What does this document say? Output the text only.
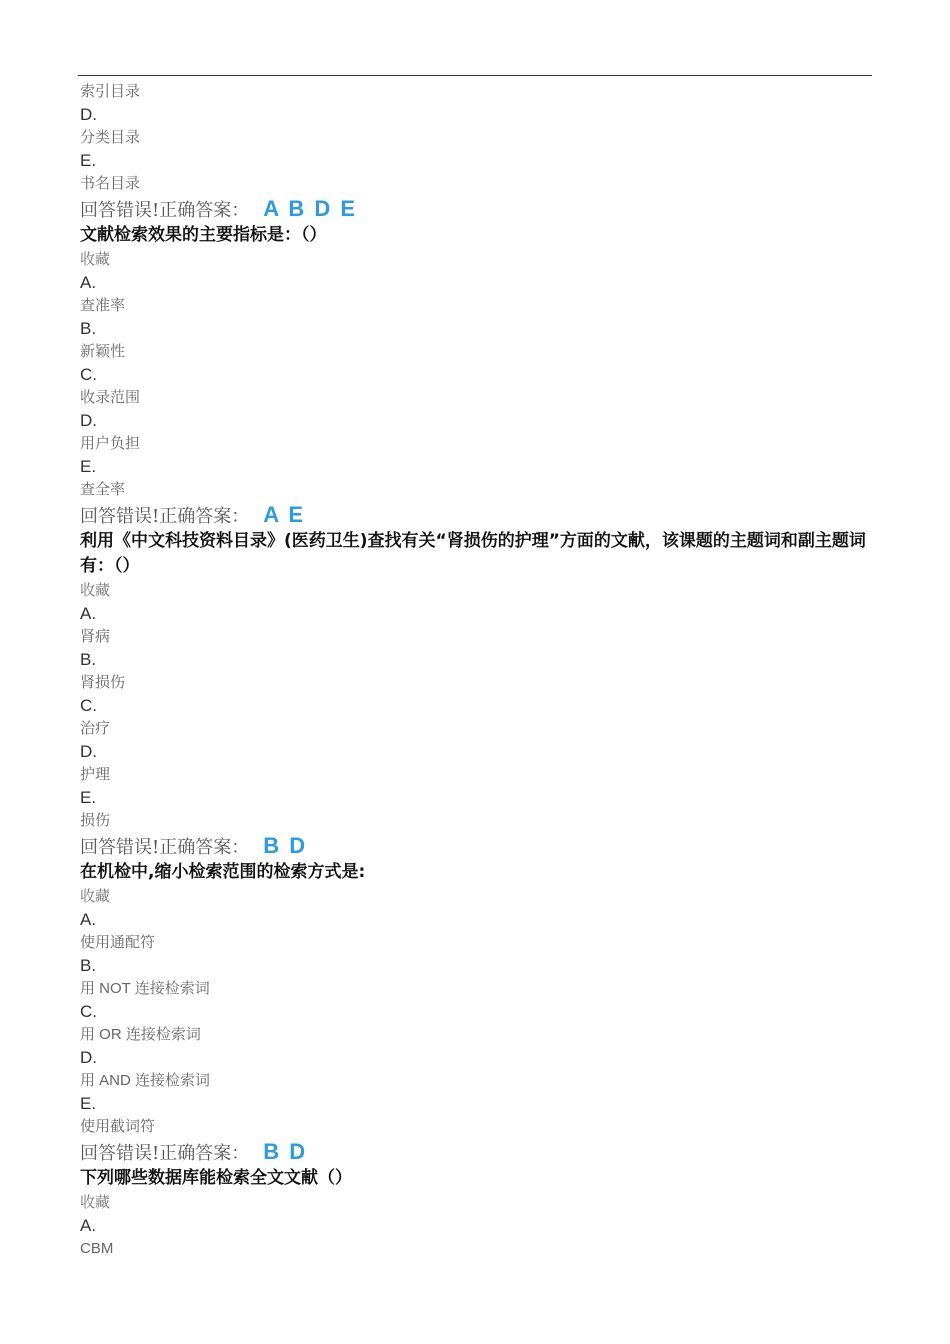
索引目录
D.
分类目录
E.
书名目录
回答错误!正确答案： A B D E
文献检索效果的主要指标是：（）
收藏
A.
查准率
B.
新颖性
C.
收录范围
D.
用户负担
E.
查全率
回答错误!正确答案： A E
利用《中文科技资料目录》(医药卫生)查找有关“肾损伤的护理”方面的文献，该课题的主题词和副主题词有：（）
收藏
A.
肾病
B.
肾损伤
C.
治疗
D.
护理
E.
损伤
回答错误!正确答案： B D
在机检中,缩小检索范围的检索方式是:
收藏
A.
使用通配符
B.
用 NOT 连接检索词
C.
用 OR 连接检索词
D.
用 AND 连接检索词
E.
使用截词符
回答错误!正确答案： B D
下列哪些数据库能检索全文文献（）
收藏
A.
CBM
